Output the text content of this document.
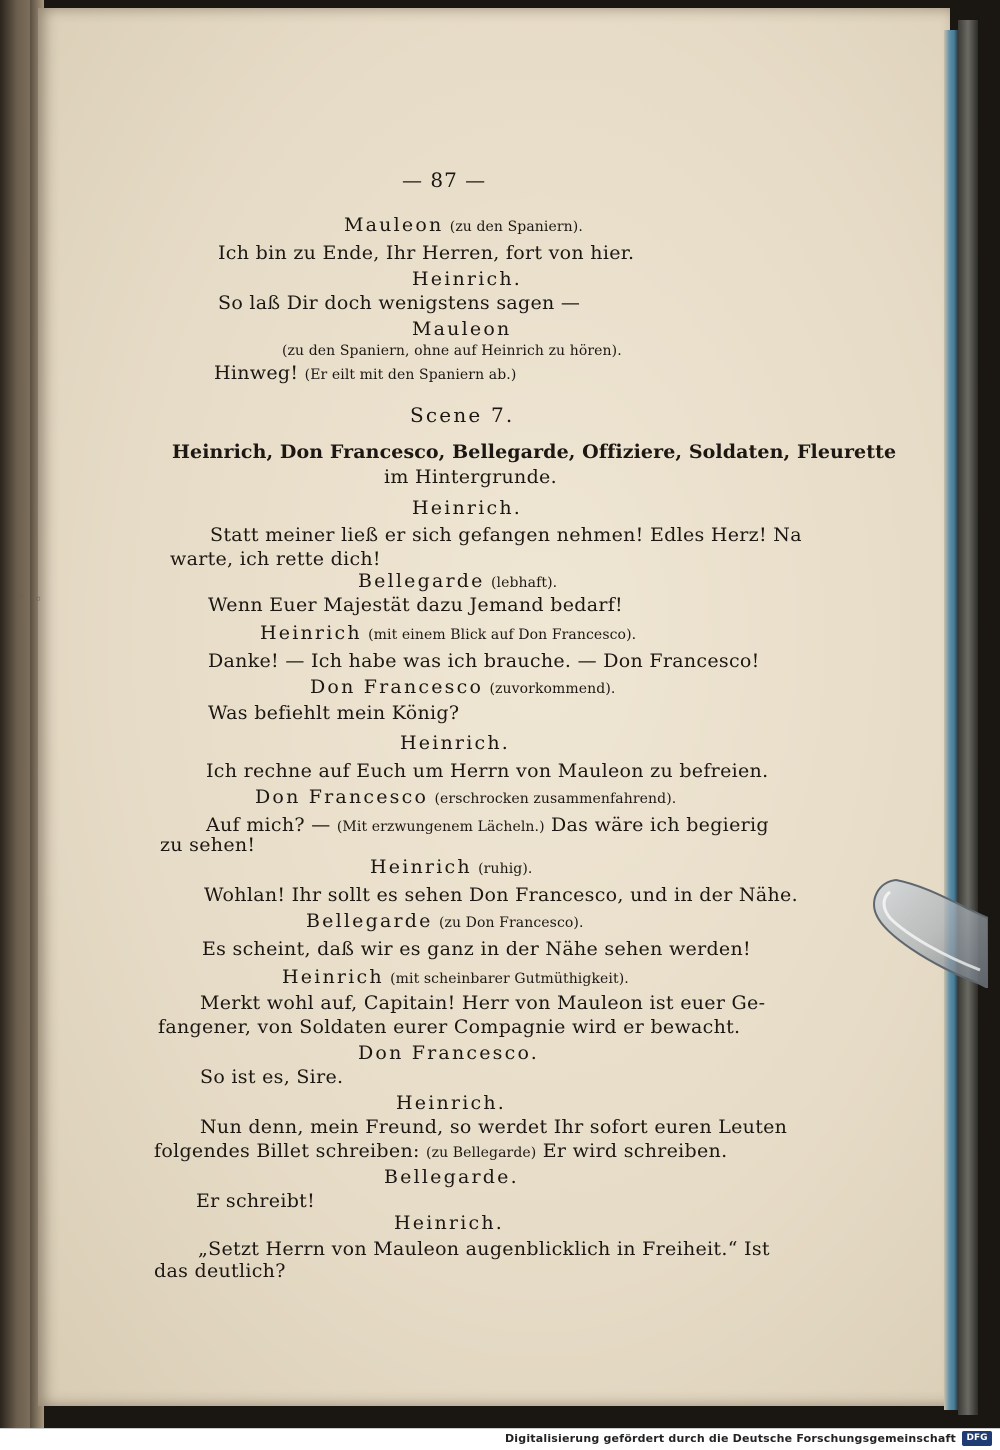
◦ ◦
— 87 —
Mauleon (zu den Spaniern).
Ich bin zu Ende, Ihr Herren, fort von hier.
Heinrich.
So laß Dir doch wenigstens sagen —
Mauleon
(zu den Spaniern, ohne auf Heinrich zu hören).
Hinweg! (Er eilt mit den Spaniern ab.)
Scene 7.
Heinrich, Don Francesco, Bellegarde, Offiziere, Soldaten, Fleurette
im Hintergrunde.
Heinrich.
Statt meiner ließ er sich gefangen nehmen! Edles Herz! Na
warte, ich rette dich!
Bellegarde (lebhaft).
Wenn Euer Majestät dazu Jemand bedarf!
Heinrich (mit einem Blick auf Don Francesco).
Danke! — Ich habe was ich brauche. — Don Francesco!
Don Francesco (zuvorkommend).
Was befiehlt mein König?
Heinrich.
Ich rechne auf Euch um Herrn von Mauleon zu befreien.
Don Francesco (erschrocken zusammenfahrend).
Auf mich? — (Mit erzwungenem Lächeln.) Das wäre ich begierig
zu sehen!
Heinrich (ruhig).
Wohlan! Ihr sollt es sehen Don Francesco, und in der Nähe.
Bellegarde (zu Don Francesco).
Es scheint, daß wir es ganz in der Nähe sehen werden!
Heinrich (mit scheinbarer Gutmüthigkeit).
Merkt wohl auf, Capitain! Herr von Mauleon ist euer Ge-
fangener, von Soldaten eurer Compagnie wird er bewacht.
Don Francesco.
So ist es, Sire.
Heinrich.
Nun denn, mein Freund, so werdet Ihr sofort euren Leuten
folgendes Billet schreiben: (zu Bellegarde) Er wird schreiben.
Bellegarde.
Er schreibt!
Heinrich.
„Setzt Herrn von Mauleon augenblicklich in Freiheit.“ Ist
das deutlich?
Digitalisierung gefördert durch die Deutsche Forschungsgemeinschaft	DFG
